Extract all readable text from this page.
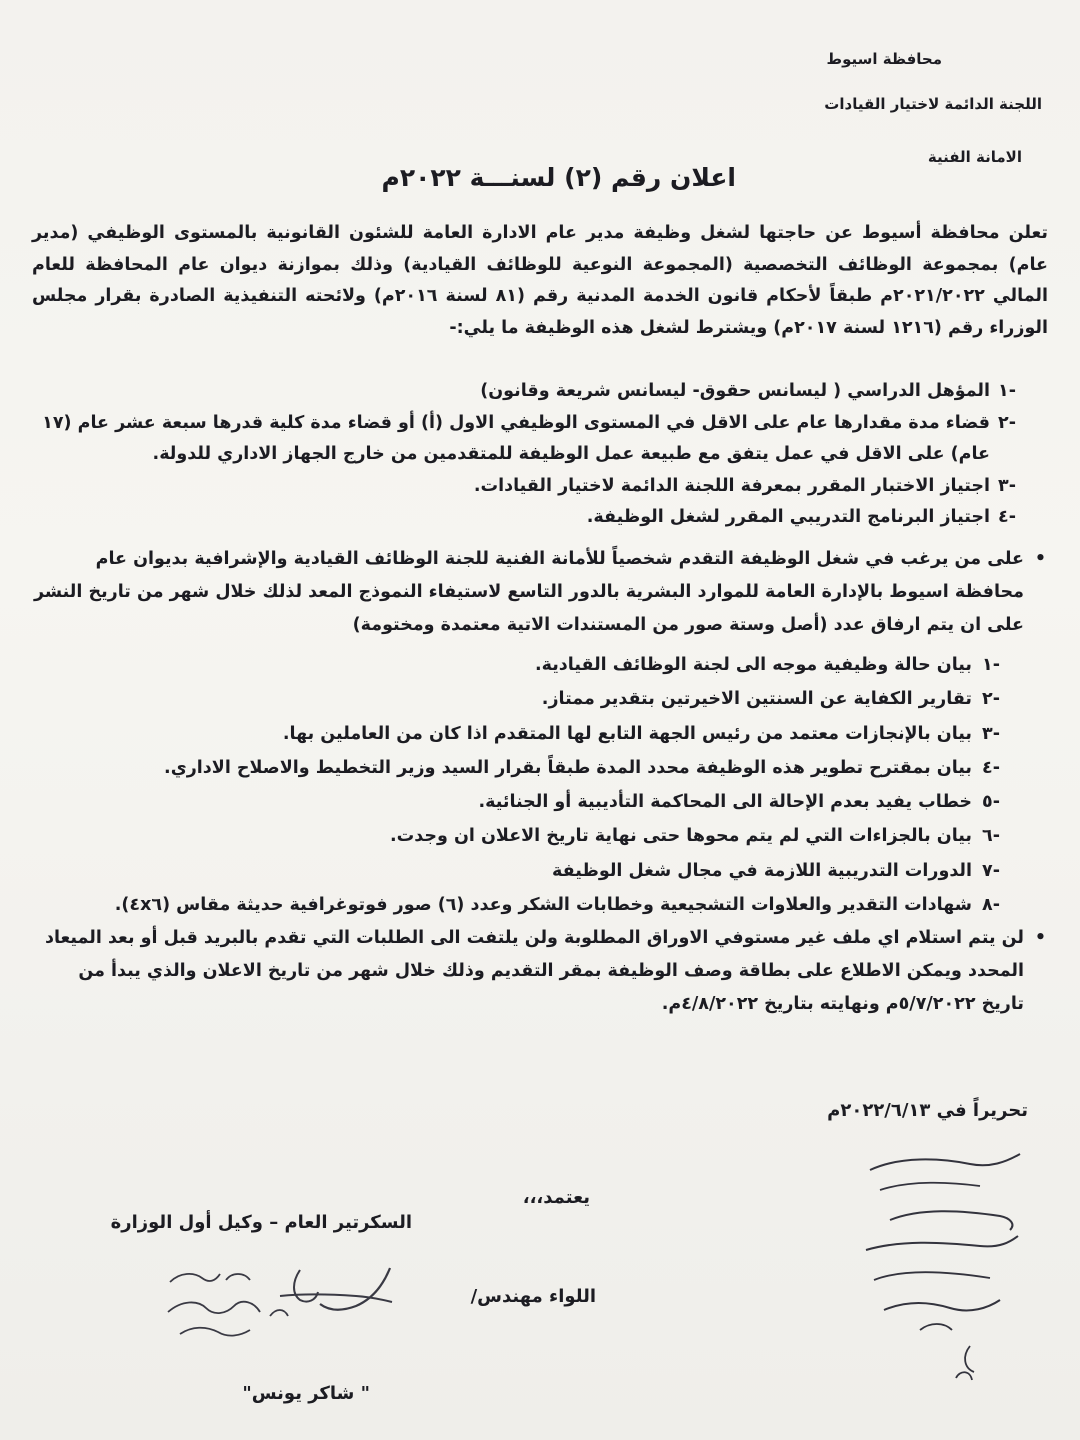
محافظة اسيوط
اللجنة الدائمة لاختيار القيادات
الامانة الفنية
اعلان رقم (٢) لسنـــة ٢٠٢٢م
تعلن محافظة أسيوط عن حاجتها لشغل وظيفة مدير عام الادارة العامة للشئون القانونية بالمستوى الوظيفي (مدير عام) بمجموعة الوظائف التخصصية (المجموعة النوعية للوظائف القيادية) وذلك بموازنة ديوان عام المحافظة للعام المالي ٢٠٢١/٢٠٢٢م طبقاً لأحكام قانون الخدمة المدنية رقم (٨١ لسنة ٢٠١٦م) ولائحته التنفيذية الصادرة بقرار مجلس الوزراء رقم (١٢١٦ لسنة ٢٠١٧م) ويشترط لشغل هذه الوظيفة ما يلي:-
-١
المؤهل الدراسي ( ليسانس حقوق- ليسانس شريعة وقانون)
-٢
قضاء مدة مقدارها عام على الاقل في المستوى الوظيفي الاول (أ) أو قضاء مدة كلية قدرها سبعة عشر عام (١٧ عام) على الاقل في عمل يتفق مع طبيعة عمل الوظيفة للمتقدمين من خارج الجهاز الاداري للدولة.
-٣
اجتياز الاختبار المقرر بمعرفة اللجنة الدائمة لاختيار القيادات.
-٤
اجتياز البرنامج التدريبي المقرر لشغل الوظيفة.
•
على من يرغب في شغل الوظيفة التقدم شخصياً للأمانة الفنية للجنة الوظائف القيادية والإشرافية بديوان عام محافظة اسيوط بالإدارة العامة للموارد البشرية بالدور التاسع لاستيفاء النموذج المعد لذلك خلال شهر من تاريخ النشر على ان يتم ارفاق عدد (أصل وستة صور من المستندات الاتية معتمدة ومختومة)
-١
بيان حالة وظيفية موجه الى لجنة الوظائف القيادية.
-٢
تقارير الكفاية عن السنتين الاخيرتين بتقدير ممتاز.
-٣
بيان بالإنجازات معتمد من رئيس الجهة التابع لها المتقدم اذا كان من العاملين بها.
-٤
بيان بمقترح تطوير هذه الوظيفة محدد المدة طبقاً بقرار السيد وزير التخطيط والاصلاح الاداري.
-٥
خطاب يفيد بعدم الإحالة الى المحاكمة التأديبية أو الجنائية.
-٦
بيان بالجزاءات التي لم يتم محوها حتى نهاية تاريخ الاعلان ان وجدت.
-٧
الدورات التدريبية اللازمة في مجال شغل الوظيفة
-٨
شهادات التقدير والعلاوات التشجيعية وخطابات الشكر وعدد (٦) صور فوتوغرافية حديثة مقاس (٤x٦).
•
لن يتم استلام اي ملف غير مستوفي الاوراق المطلوبة ولن يلتفت الى الطلبات التي تقدم بالبريد قبل أو بعد الميعاد المحدد ويمكن الاطلاع على بطاقة وصف الوظيفة بمقر التقديم وذلك خلال شهر من تاريخ الاعلان والذي يبدأ من تاريخ ٥/٧/٢٠٢٢م ونهايته بتاريخ ٤/٨/٢٠٢٢م.
تحريراً في ٢٠٢٢/٦/١٣م
يعتمد،،،
السكرتير العام – وكيل أول الوزارة
اللواء مهندس/
" شاكر يونس"
